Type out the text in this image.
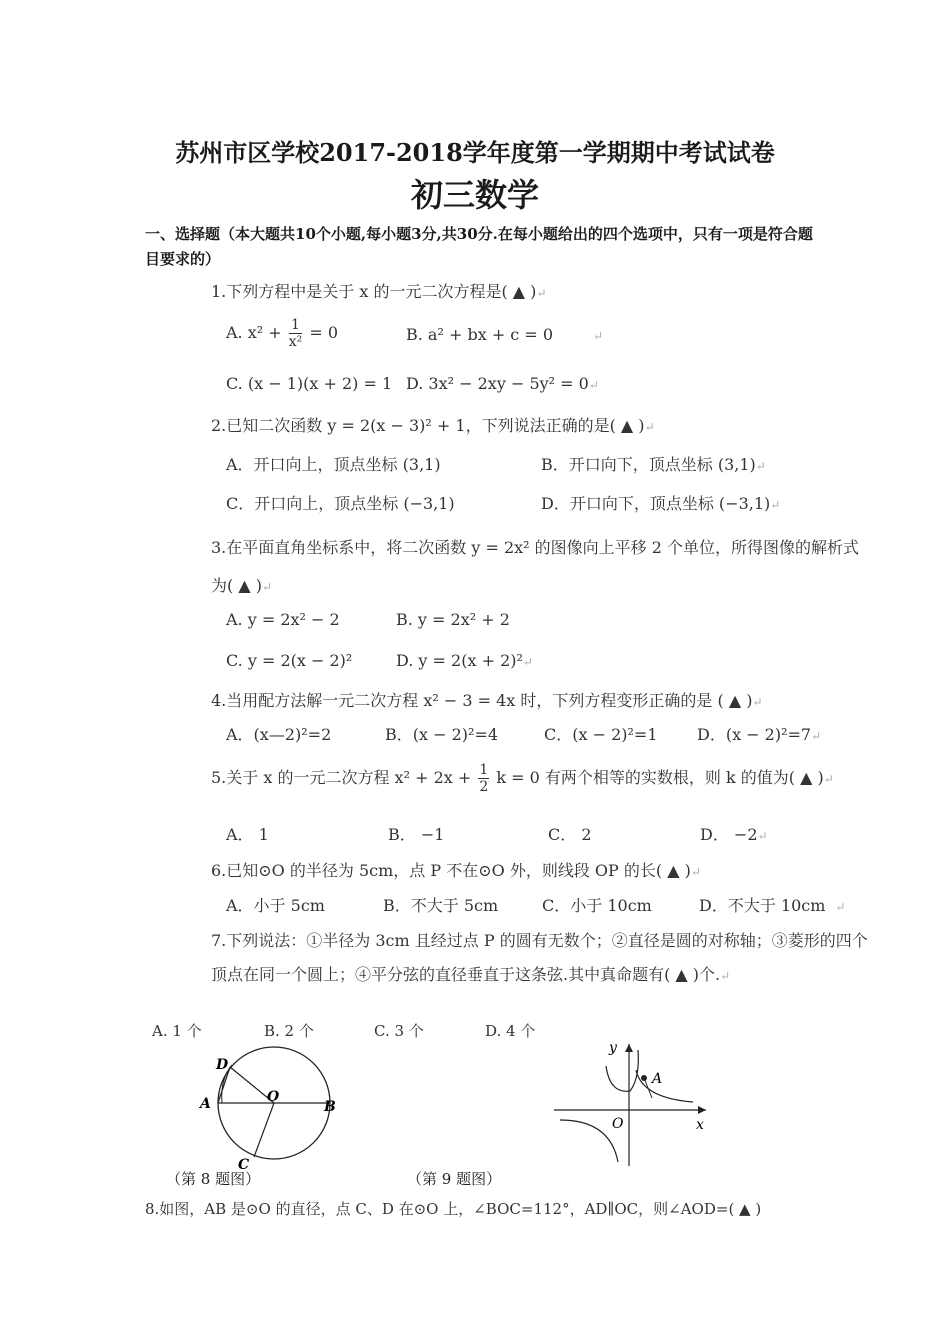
苏州市区学校2017-2018学年度第一学期期中考试试卷
初三数学
一、选择题（本大题共10个小题,每小题3分,共30分.在每小题给出的四个选项中，只有一项是符合题目要求的）
1.下列方程中是关于 x 的一元二次方程是( ▲ )↵
A. $x^2 + \frac{1}{\text{x²}} = 0$	B. a² + bx + c = 0	↵
C. (x − 1)(x + 2) = 1 D. 3x² − 2xy − 5y² = 0↵
2.已知二次函数 y = 2(x − 3)² + 1，下列说法正确的是( ▲ )↵
A．开口向上，顶点坐标 (3,1)	B．开口向下，顶点坐标 (3,1)↵
C．开口向上，顶点坐标 (−3,1)	D．开口向下，顶点坐标 (−3,1)↵
3.在平面直角坐标系中，将二次函数 y = 2x² 的图像向上平移 2 个单位，所得图像的解析式
为( ▲ )↵
A. y = 2x² − 2	B. y = 2x² + 2
C. y = 2(x − 2)²	D. y = 2(x + 2)²↵
4.当用配方法解一元二次方程 x² − 3 = 4x 时，下列方程变形正确的是 ( ▲ )↵
A．(x—2)²=2	B．(x − 2)²=4	C．(x − 2)²=1 D．(x − 2)²=7↵
5.关于 x 的一元二次方程 $x^2 + 2x + \frac{1}{2}$ k = 0 有两个相等的实数根，则 k 的值为( ▲ )↵
A． 1	B． −1	C． 2	D． −2↵
6.已知⊙O 的半径为 5cm，点 P 不在⊙O 外，则线段 OP 的长( ▲ )↵
A．小于 5cm	B．不大于 5cm	C．小于 10cm	D．不大于 10cm ↵
7.下列说法：①半径为 3cm 且经过点 P 的圆有无数个；②直径是圆的对称轴；③菱形的四个
顶点在同一个圆上；④平分弦的直径垂直于这条弦.其中真命题有( ▲ )个.↵
A. 1 个	B. 2 个	C. 3 个	D. 4 个
D
A	O
B
C
（第 8 题图）
y
A
O	x
（第 9 题图）
8.如图，AB 是⊙O 的直径，点 C、D 在⊙O 上，∠BOC=112°，AD∥OC，则∠AOD=( ▲ )
